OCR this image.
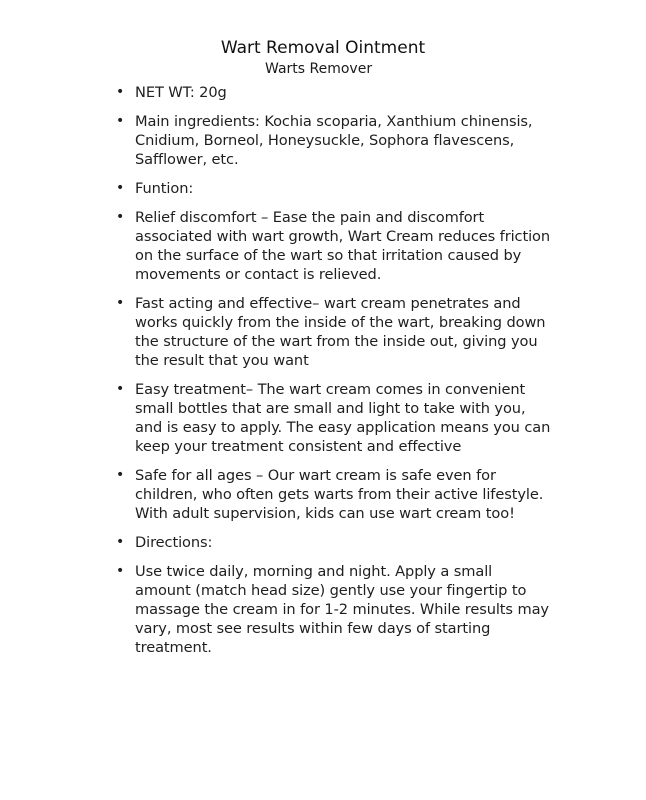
Wart Removal Ointment
Warts Remover
• NET WT: 20g
• Main ingredients: Kochia scoparia, Xanthium chinensis, Cnidium, Borneol, Honeysuckle, Sophora flavescens, Safflower, etc.
• Funtion:
• Relief discomfort – Ease the pain and discomfort associated with wart growth, Wart Cream reduces friction on the surface of the wart so that irritation caused by movements or contact is relieved.
• Fast acting and effective– wart cream penetrates and works quickly from the inside of the wart, breaking down the structure of the wart from the inside out, giving you the result that you want
• Easy treatment– The wart cream comes in convenient small bottles that are small and light to take with you, and is easy to apply. The easy application means you can keep your treatment consistent and effective
• Safe for all ages – Our wart cream is safe even for children, who often gets warts from their active lifestyle. With adult supervision, kids can use wart cream too!
• Directions:
• Use twice daily, morning and night. Apply a small amount (match head size) gently use your fingertip to massage the cream in for 1-2 minutes. While results may vary, most see results within few days of starting treatment.
